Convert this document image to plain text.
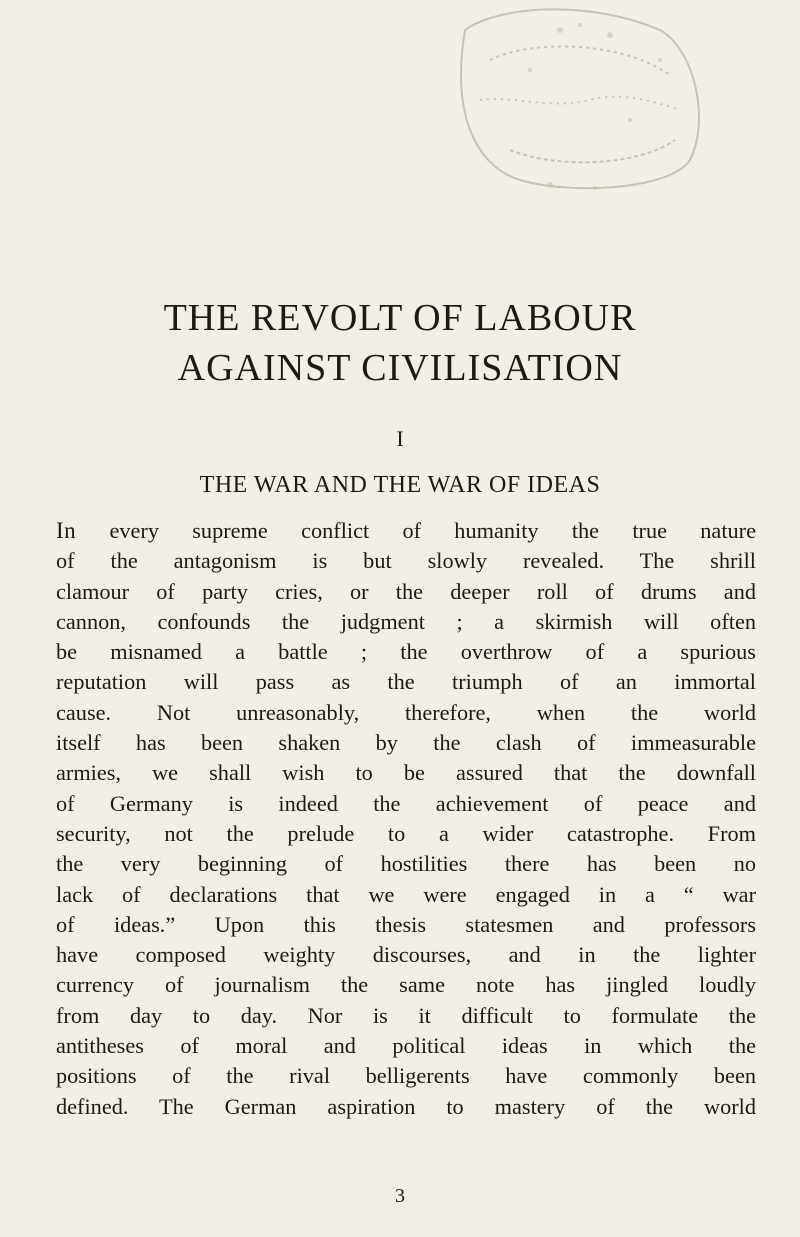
THE REVOLT OF LABOUR
AGAINST CIVILISATION
I
THE WAR AND THE WAR OF IDEAS

In every supreme conflict of humanity the true nature
of the antagonism is but slowly revealed. The shrill
clamour of party cries, or the deeper roll of drums and
cannon, confounds the judgment ; a skirmish will often
be misnamed a battle ; the overthrow of a spurious
reputation will pass as the triumph of an immortal
cause. Not unreasonably, therefore, when the world
itself has been shaken by the clash of immeasurable
armies, we shall wish to be assured that the downfall
of Germany is indeed the achievement of peace and
security, not the prelude to a wider catastrophe. From
the very beginning of hostilities there has been no
lack of declarations that we were engaged in a “ war
of ideas.” Upon this thesis statesmen and professors
have composed weighty discourses, and in the lighter
currency of journalism the same note has jingled loudly
from day to day. Nor is it difficult to formulate the
antitheses of moral and political ideas in which the
positions of the rival belligerents have commonly been
defined. The German aspiration to mastery of the world

3
